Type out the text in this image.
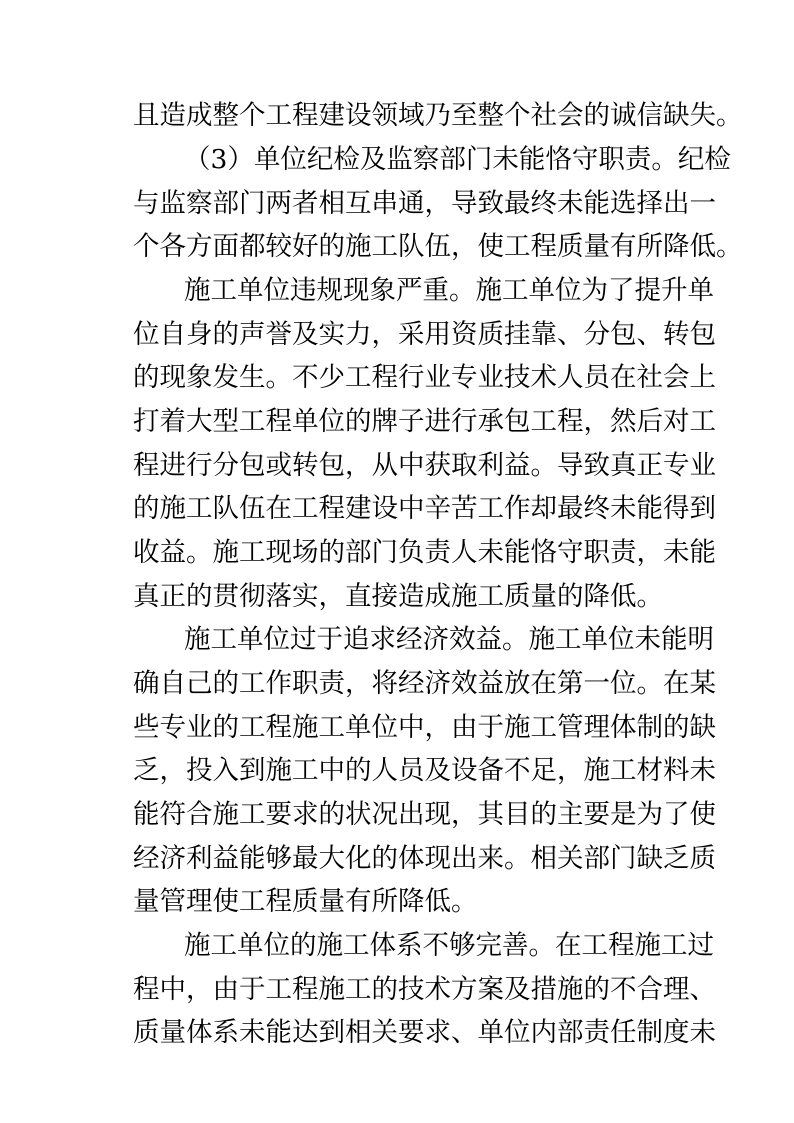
且造成整个工程建设领域乃至整个社会的诚信缺失。
（3）单位纪检及监察部门未能恪守职责。纪检
与监察部门两者相互串通，导致最终未能选择出一
个各方面都较好的施工队伍，使工程质量有所降低。
施工单位违规现象严重。施工单位为了提升单
位自身的声誉及实力，采用资质挂靠、分包、转包
的现象发生。不少工程行业专业技术人员在社会上
打着大型工程单位的牌子进行承包工程，然后对工
程进行分包或转包，从中获取利益。导致真正专业
的施工队伍在工程建设中辛苦工作却最终未能得到
收益。施工现场的部门负责人未能恪守职责，未能
真正的贯彻落实，直接造成施工质量的降低。
施工单位过于追求经济效益。施工单位未能明
确自己的工作职责，将经济效益放在第一位。在某
些专业的工程施工单位中，由于施工管理体制的缺
乏，投入到施工中的人员及设备不足，施工材料未
能符合施工要求的状况出现，其目的主要是为了使
经济利益能够最大化的体现出来。相关部门缺乏质
量管理使工程质量有所降低。
施工单位的施工体系不够完善。在工程施工过
程中，由于工程施工的技术方案及措施的不合理、
质量体系未能达到相关要求、单位内部责任制度未
